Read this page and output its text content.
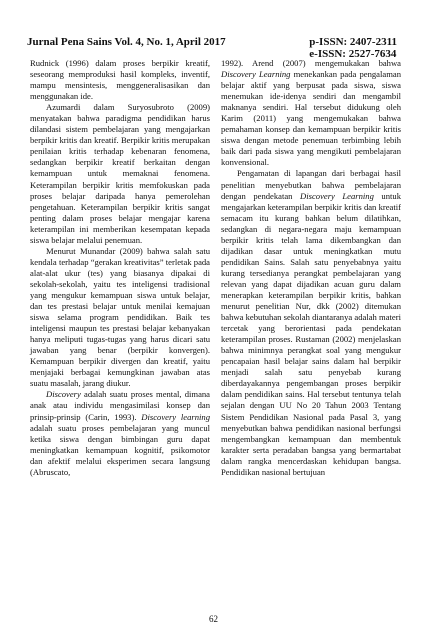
Jurnal Pena Sains Vol. 4, No. 1, April 2017	p-ISSN: 2407-2311
e-ISSN: 2527-7634

Rudnick (1996) dalam proses berpikir kreatif, seseorang memproduksi hasil kompleks, inventif, mampu mensintesis, menggeneralisasikan dan menggunakan ide.

Azumardi dalam Suryosubroto (2009) menyatakan bahwa paradigma pendidikan harus dilandasi sistem pembelajaran yang mengajarkan berpikir kritis dan kreatif. Berpikir kritis merupakan penilaian kritis terhadap kebenaran fenomena, sedangkan berpikir kreatif berkaitan dengan kemampuan untuk memaknai fenomena. Keterampilan berpikir kritis memfokuskan pada proses belajar daripada hanya pemerolehan pengetahuan. Keterampilan berpikir kritis sangat penting dalam proses belajar mengajar karena keterampilan ini memberikan kesempatan kepada siswa belajar melalui penemuan.

Menurut Munandar (2009) bahwa salah satu kendala terhadap “gerakan kreativitas” terletak pada alat-alat ukur (tes) yang biasanya dipakai di sekolah-sekolah, yaitu tes inteligensi tradisional yang mengukur kemampuan siswa untuk belajar, dan tes prestasi belajar untuk menilai kemajuan siswa selama program pendidikan. Baik tes inteligensi maupun tes prestasi belajar kebanyakan hanya meliputi tugas-tugas yang harus dicari satu jawaban yang benar (berpikir konvergen). Kemampuan berpikir divergen dan kreatif, yaitu menjajaki berbagai kemungkinan jawaban atas suatu masalah, jarang diukur.

Discovery adalah suatu proses mental, dimana anak atau individu mengasimilasi konsep dan prinsip-prinsip (Carin, 1993). Discovery learning adalah suatu proses pembelajaran yang muncul ketika siswa dengan bimbingan guru dapat meningkatkan kemampuan kognitif, psikomotor dan afektif melalui eksperimen secara langsung (Abruscato,

1992). Arend (2007) mengemukakan bahwa Discovery Learning menekankan pada pengalaman belajar aktif yang berpusat pada siswa, siswa menemukan ide-idenya sendiri dan mengambil maknanya sendiri. Hal tersebut didukung oleh Karim (2011) yang mengemukakan bahwa pemahaman konsep dan kemampuan berpikir kritis siswa dengan metode penemuan terbimbing lebih baik dari pada siswa yang mengikuti pembelajaran konvensional.

Pengamatan di lapangan dari berbagai hasil penelitian menyebutkan bahwa pembelajaran dengan pendekatan Discovery Learning untuk mengajarkan keterampilan berpikir kritis dan kreatif semacam itu kurang bahkan belum dilatihkan, sedangkan di negara-negara maju kemampuan berpikir kritis telah lama dikembangkan dan dijadikan dasar untuk meningkatkan mutu pendidikan Sains. Salah satu penyebabnya yaitu kurang tersedianya perangkat pembelajaran yang relevan yang dapat dijadikan acuan guru dalam menerapkan keterampilan berpikir kritis, bahkan menurut penelitian Nur, dkk (2002) ditemukan bahwa kebutuhan sekolah diantaranya adalah materi tercetak yang berorientasi pada pendekatan keterampilan proses. Rustaman (2002) menjelaskan bahwa minimnya perangkat soal yang mengukur pencapaian hasil belajar sains dalam hal berpikir menjadi salah satu penyebab kurang diberdayakannya pengembangan proses berpikir dalam pendidikan sains. Hal tersebut tentunya telah sejalan dengan UU No 20 Tahun 2003 Tentang Sistem Pendidikan Nasional pada Pasal 3, yang menyebutkan bahwa pendidikan nasional berfungsi mengembangkan kemampuan dan membentuk karakter serta peradaban bangsa yang bermartabat dalam rangka mencerdaskan kehidupan bangsa. Pendidikan nasional bertujuan

62
